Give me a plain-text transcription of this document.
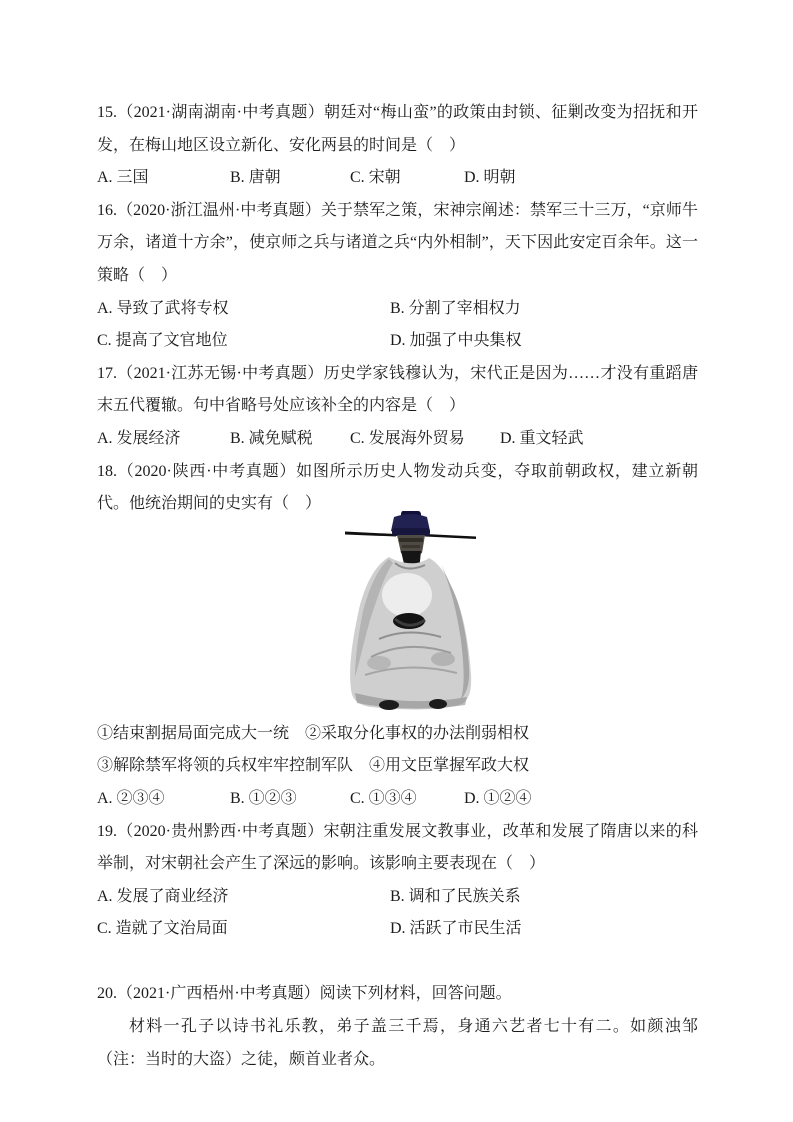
15.（2021·湖南湖南·中考真题）朝廷对“梅山蛮”的政策由封锁、征剿改变为招抚和开发，在梅山地区设立新化、安化两县的时间是（　）

A. 三国	B. 唐朝	C. 宋朝	D. 明朝

16.（2020·浙江温州·中考真题）关于禁军之策，宋神宗阐述：禁军三十三万，“京师牛万余，诸道十方余”，使京师之兵与诸道之兵“内外相制”，天下因此安定百余年。这一策略（　）

A. 导致了武将专权	B. 分割了宰相权力
C. 提高了文官地位	D. 加强了中央集权

17.（2021·江苏无锡·中考真题）历史学家钱穆认为，宋代正是因为……才没有重蹈唐末五代覆辙。句中省略号处应该补全的内容是（　）

A. 发展经济	B. 减免赋税 C. 发展海外贸易 D. 重文轻武

18.（2020·陕西·中考真题）如图所示历史人物发动兵变，夺取前朝政权，建立新朝代。他统治期间的史实有（　）

①结束割据局面完成大一统　②采取分化事权的办法削弱相权

③解除禁军将领的兵权牢牢控制军队　④用文臣掌握军政大权

A. ②③④	B. ①②③	C. ①③④	D. ①②④

19.（2020·贵州黔西·中考真题）宋朝注重发展文教事业，改革和发展了隋唐以来的科举制，对宋朝社会产生了深远的影响。该影响主要表现在（　）

A. 发展了商业经济	B. 调和了民族关系
C. 造就了文治局面	D. 活跃了市民生活

20.（2021·广西梧州·中考真题）阅读下列材料，回答问题。

材料一孔子以诗书礼乐教，弟子盖三千焉，身通六艺者七十有二。如颜浊邹（注：当时的大盗）之徒，颇首业者众。
